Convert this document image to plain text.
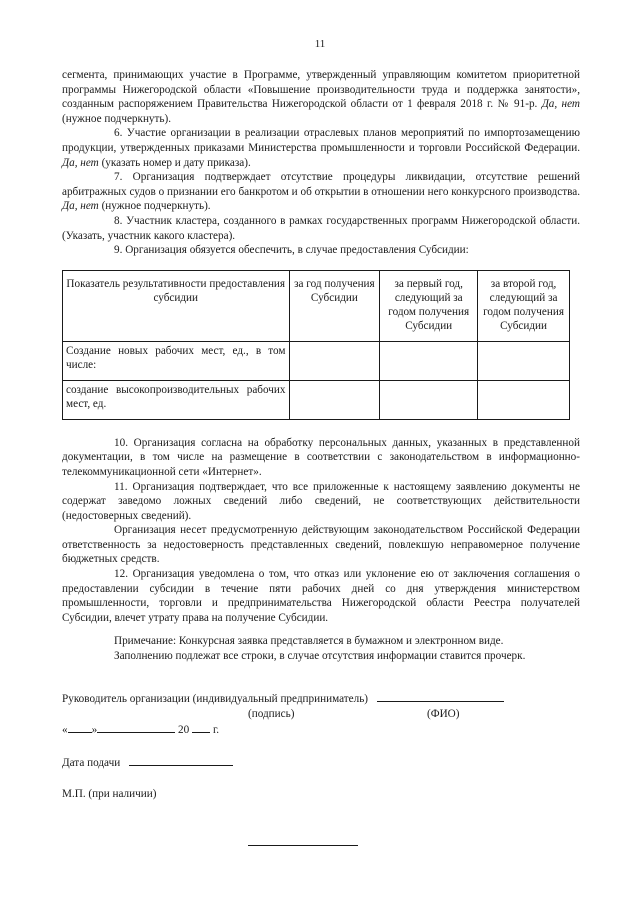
11

сегмента, принимающих участие в Программе, утвержденный управляющим комитетом приоритетной программы Нижегородской области «Повышение производительности труда и поддержка занятости», созданным распоряжением Правительства Нижегородской области от 1 февраля 2018 г. № 91-р. Да, нет (нужное подчеркнуть).

6. Участие организации в реализации отраслевых планов мероприятий по импортозамещению продукции, утвержденных приказами Министерства промышленности и торговли Российской Федерации. Да, нет (указать номер и дату приказа).

7. Организация подтверждает отсутствие процедуры ликвидации, отсутствие решений арбитражных судов о признании его банкротом и об открытии в отношении него конкурсного производства. Да, нет (нужное подчеркнуть).

8. Участник кластера, созданного в рамках государственных программ Нижегородской области. (Указать, участник какого кластера).

9. Организация обязуется обеспечить, в случае предоставления Субсидии:

Показатель результативности предоставления субсидии	за год получения Субсидии	за первый год, следующий за годом получения Субсидии	за второй год, следующий за годом получения Субсидии
Создание новых рабочих мест, ед., в том числе:			
создание высокопроизводительных рабочих мест, ед.			

10. Организация согласна на обработку персональных данных, указанных в представленной документации, в том числе на размещение в соответствии с законодательством в информационно-телекоммуникационной сети «Интернет».

11. Организация подтверждает, что все приложенные к настоящему заявлению документы не содержат заведомо ложных сведений либо сведений, не соответствующих действительности (недостоверных сведений).

Организация несет предусмотренную действующим законодательством Российской Федерации ответственность за недостоверность представленных сведений, повлекшую неправомерное получение бюджетных средств.

12. Организация уведомлена о том, что отказ или уклонение ею от заключения соглашения о предоставлении субсидии в течение пяти рабочих дней со дня утверждения министерством промышленности, торговли и предпринимательства Нижегородской области Реестра получателей Субсидии, влечет утрату права на получение Субсидии.

Примечание: Конкурсная заявка представляется в бумажном и электронном виде.

Заполнению подлежат все строки, в случае отсутствия информации ставится прочерк.

Руководитель организации (индивидуальный предприниматель)
(подпись)	(ФИО)
« »	20 г.
Дата подачи
М.П. (при наличии)
